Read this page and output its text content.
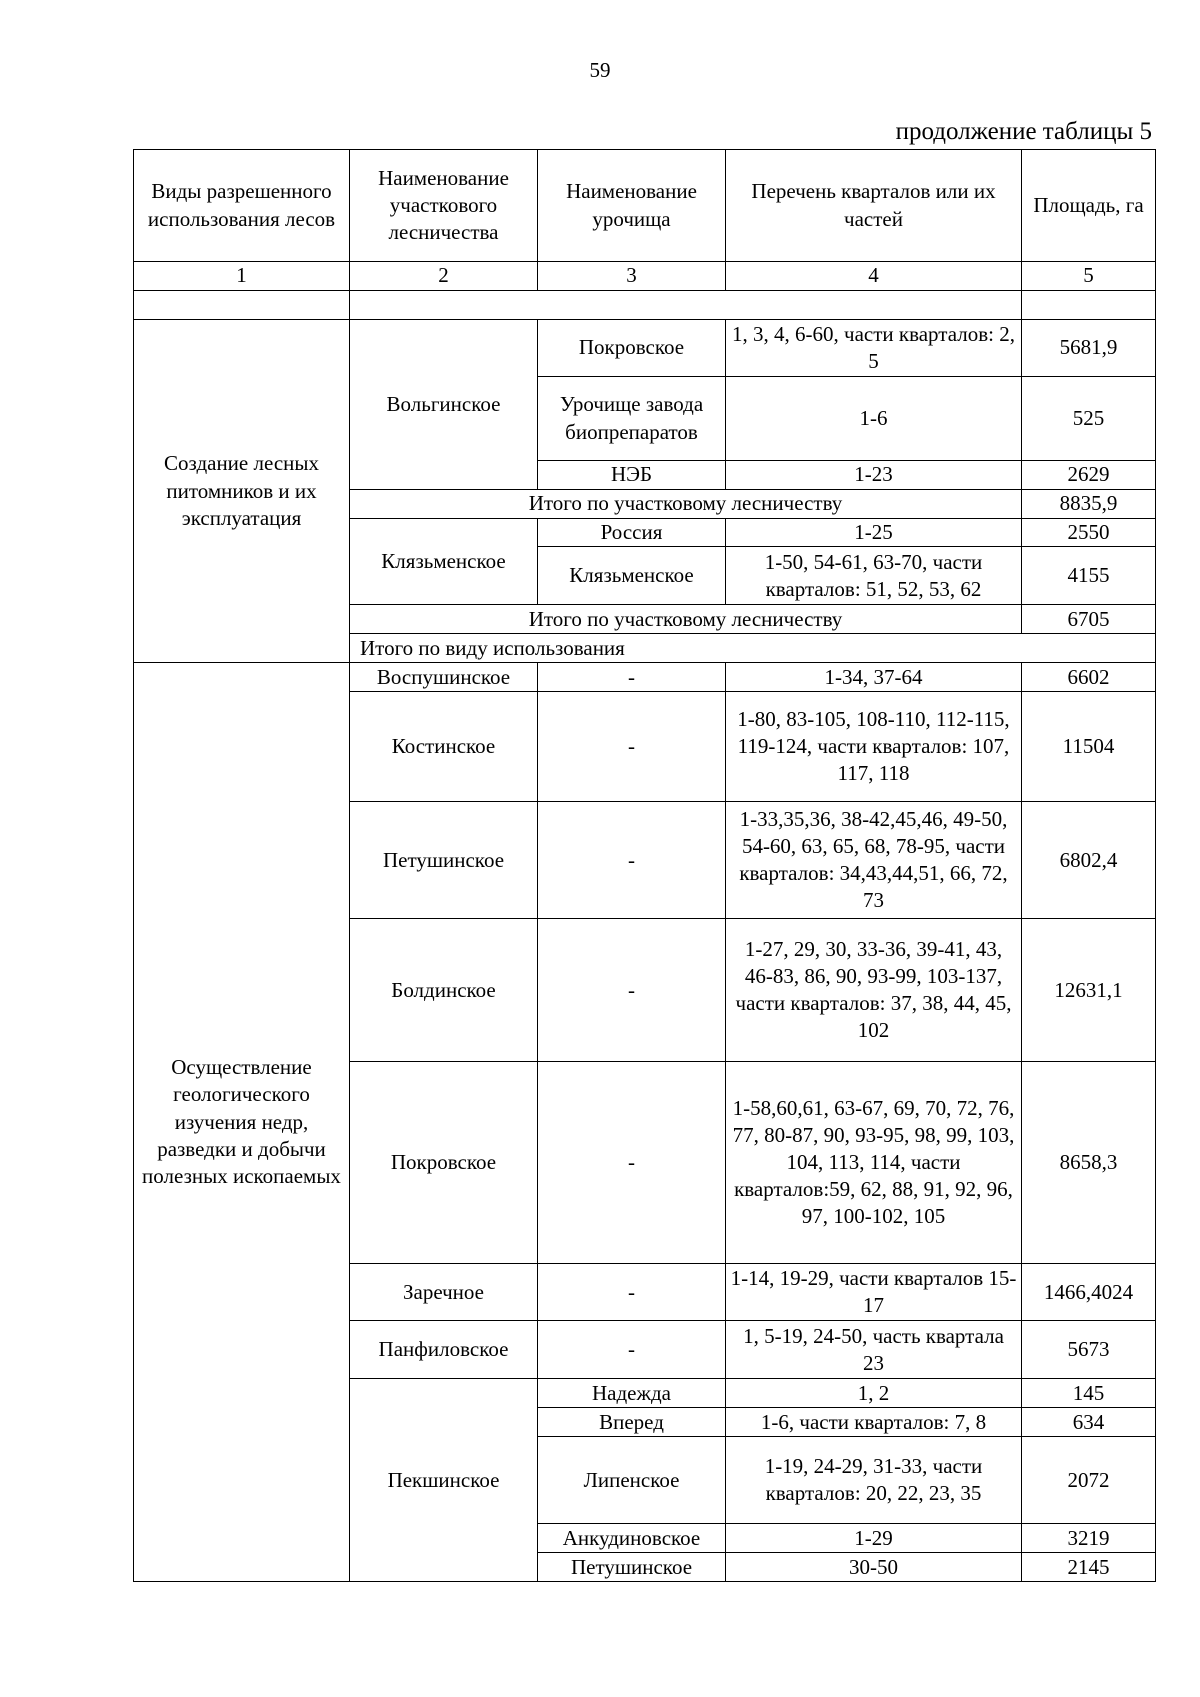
59
продолжение таблицы 5
Виды разрешенного использования лесов	Наименование участкового лесничества	Наименование урочища	Перечень кварталов или их частей	Площадь, га	
1	2	3	4	5	

Создание лесных питомников и их эксплуатация	Вольгинское	Покровское	1, 3, 4, 6-60, части кварталов: 2, 5	5681,9	
		Урочище завода биопрепаратов	1-6	525	
		НЭБ	1-23	2629	
	Итого по участковому лесничеству			8835,9	
	Клязьменское	Россия	1-25	2550	
		Клязьменское	1-50, 54-61, 63-70, части кварталов: 51, 52, 53, 62	4155	
	Итого по участковому лесничеству			6705	
	Итого по виду использования	
Осуществление геологического изучения недр, разведки и добычи полезных ископаемых	Воспушинское	-	1-34, 37-64	6602	
	Костинское	-	1-80, 83-105, 108-110, 112-115, 119-124, части кварталов: 107, 117, 118	11504	
	Петушинское	-	1-33,35,36, 38-42,45,46, 49-50, 54-60, 63, 65, 68, 78-95, части кварталов: 34,43,44,51, 66, 72, 73	6802,4	
	Болдинское	-	1-27, 29, 30, 33-36, 39-41, 43, 46-83, 86, 90, 93-99, 103-137, части кварталов: 37, 38, 44, 45, 102	12631,1	
	Покровское	-	1-58,60,61, 63-67, 69, 70, 72, 76, 77, 80-87, 90, 93-95, 98, 99, 103, 104, 113, 114, части кварталов:59, 62, 88, 91, 92, 96, 97, 100-102, 105	8658,3	
	Заречное	-	1-14, 19-29, части кварталов 15-17	1466,4024	
	Панфиловское	-	1, 5-19, 24-50, часть квартала 23	5673	
	Пекшинское	Надежда	1, 2	145	
		Вперед	1-6, части кварталов: 7, 8	634	
		Липенское	1-19, 24-29, 31-33, части кварталов: 20, 22, 23, 35	2072	
		Анкудиновское	1-29	3219	
		Петушинское	30-50	2145	
